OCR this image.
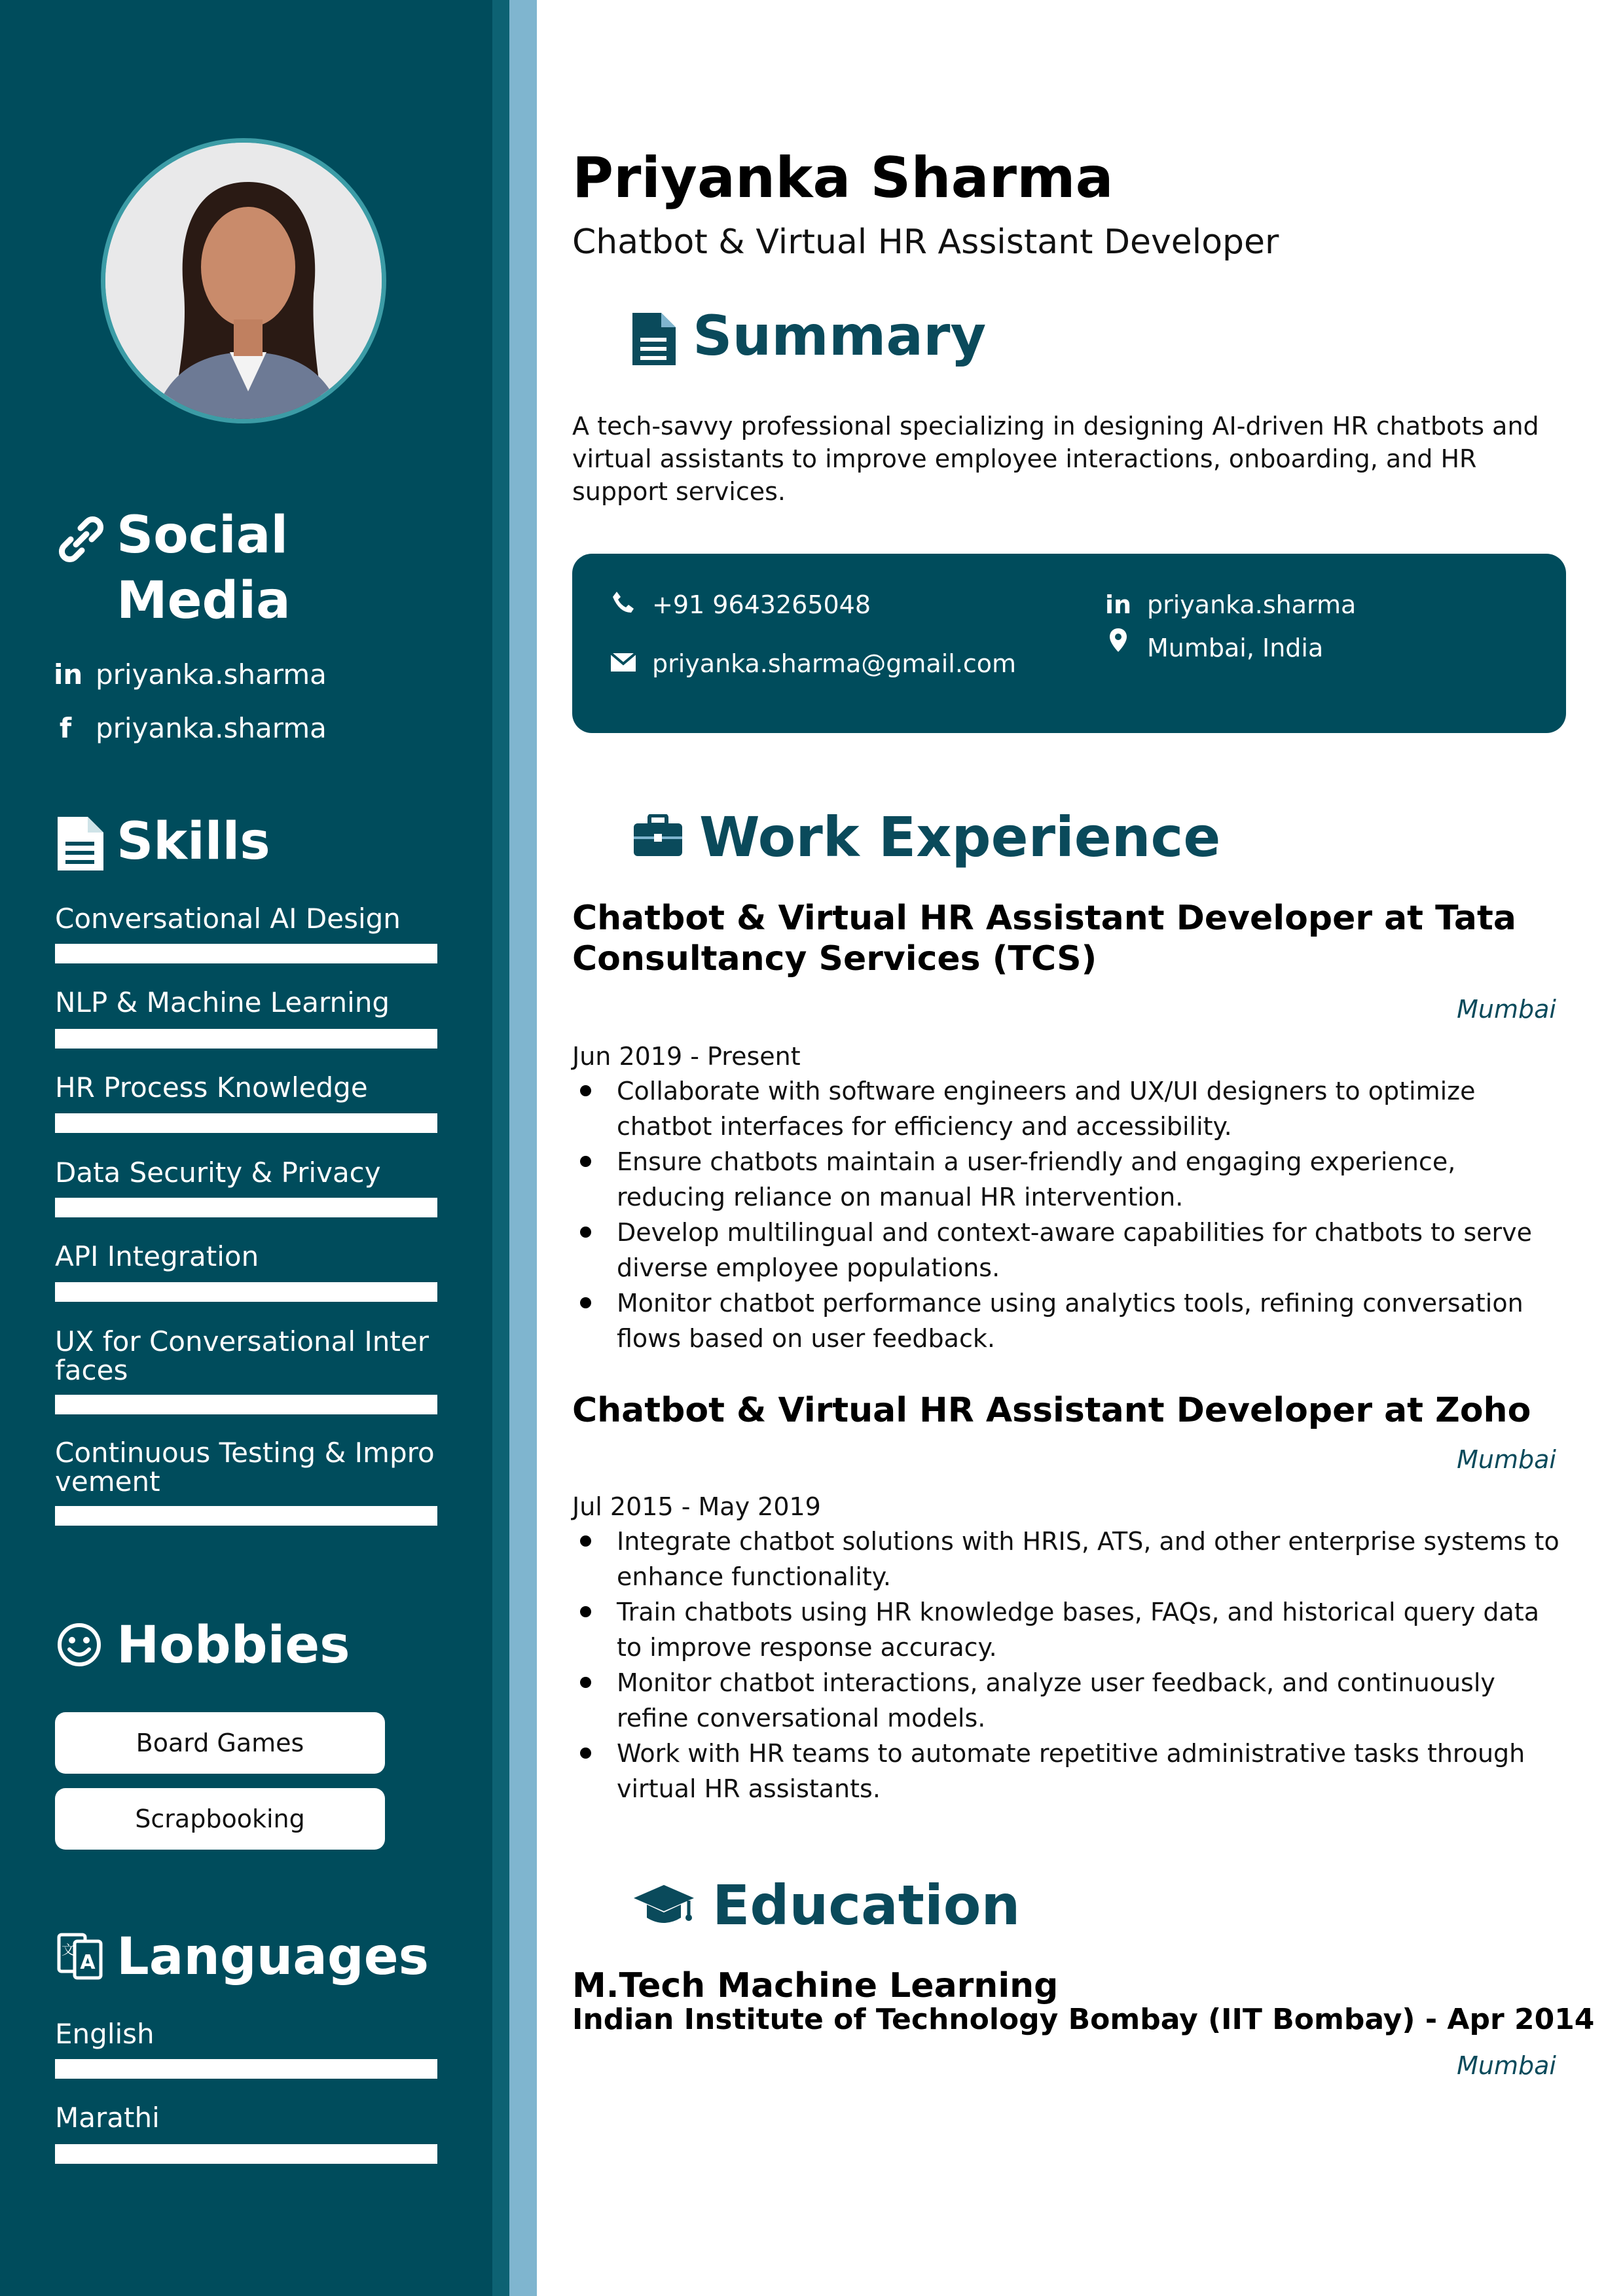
Social Media
in priyanka.sharma
f priyanka.sharma
Skills
Conversational AI Design
NLP & Machine Learning
HR Process Knowledge
Data Security & Privacy
API Integration
UX for Conversational Inter faces
Continuous Testing & Impro vement
Hobbies
Board Games
Scrapbooking
A
文 Languages
English
Marathi
Priyanka Sharma
Chatbot & Virtual HR Assistant Developer
Summary
A tech-savvy professional specializing in designing AI-driven HR chatbots and virtual assistants to improve employee interactions, onboarding, and HR support services.
+91 9643265048
priyanka.sharma@gmail.com
in priyanka.sharma
Mumbai, India
Work Experience
Chatbot & Virtual HR Assistant Developer at Tata Consultancy Services (TCS)
Mumbai
Jun 2019 - Present
Collaborate with software engineers and UX/UI designers to optimize chatbot interfaces for efficiency and accessibility.
Ensure chatbots maintain a user-friendly and engaging experience, reducing reliance on manual HR intervention.
Develop multilingual and context-aware capabilities for chatbots to serve diverse employee populations.
Monitor chatbot performance using analytics tools, refining conversation flows based on user feedback.
Chatbot & Virtual HR Assistant Developer at Zoho
Mumbai
Jul 2015 - May 2019
Integrate chatbot solutions with HRIS, ATS, and other enterprise systems to enhance functionality.
Train chatbots using HR knowledge bases, FAQs, and historical query data to improve response accuracy.
Monitor chatbot interactions, analyze user feedback, and continuously refine conversational models.
Work with HR teams to automate repetitive administrative tasks through virtual HR assistants.
Education
M.Tech Machine Learning
Indian Institute of Technology Bombay (IIT Bombay) - Apr 2014
Mumbai
